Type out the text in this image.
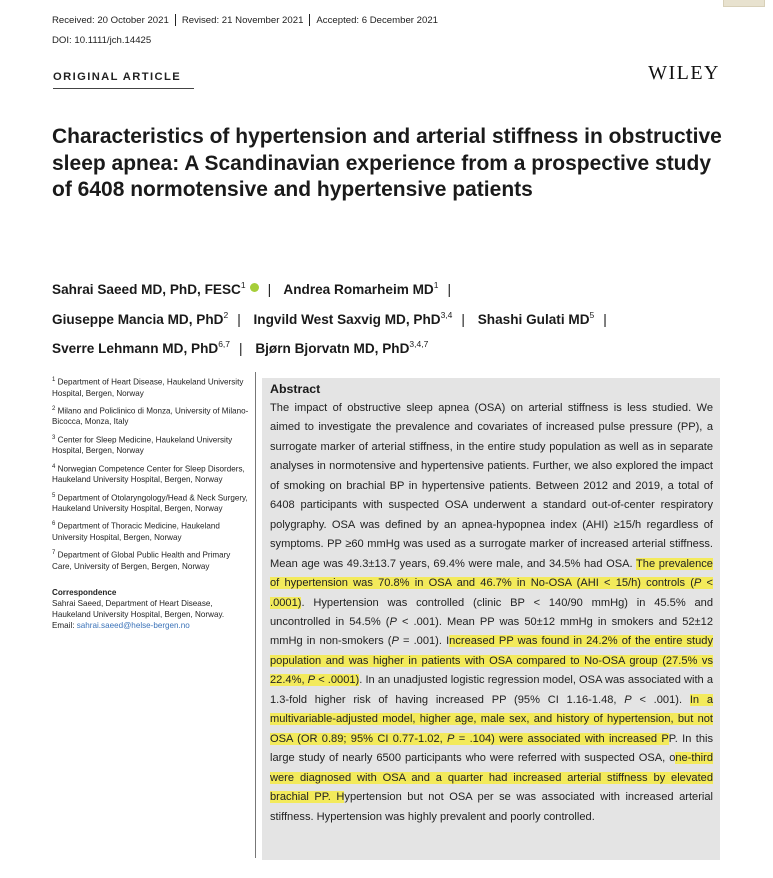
Received: 20 October 2021 Revised: 21 November 2021 Accepted: 6 December 2021
DOI: 10.1111/jch.14425
ORIGINAL ARTICLE	WILEY
Characteristics of hypertension and arterial stiffness in obstructive sleep apnea: A Scandinavian experience from a prospective study of 6408 normotensive and hypertensive patients
Sahrai Saeed MD, PhD, FESC$^1$ | Andrea Romarheim $MD^1$ |
Giuseppe Mancia MD, PhD$^2$ | Ingvild West Saxvig MD, PhD$^{3,4}$ | Shashi Gulati $MD^5$ |
Sverre Lehmann MD, PhD$^{6,7}$ | Bjørn Bjorvatn MD, PhD$^{3,4,7}$
$^1$ Department of Heart Disease, Haukeland University Hospital, Bergen, Norway
$^2$ Milano and Policlinico di Monza, University of Milano-Bicocca, Monza, Italy
$^3$ Center for Sleep Medicine, Haukeland University Hospital, Bergen, Norway
$^4$ Norwegian Competence Center for Sleep Disorders, Haukeland University Hospital, Bergen, Norway
$^5$ Department of Otolaryngology/Head & Neck Surgery, Haukeland University Hospital, Bergen, Norway
$^6$ Department of Thoracic Medicine, Haukeland University Hospital, Bergen, Norway
$^7$ Department of Global Public Health and Primary Care, University of Bergen, Bergen, Norway
Correspondence
Sahrai Saeed, Department of Heart Disease, Haukeland University Hospital, Bergen, Norway.
Email: sahrai.saeed@helse-bergen.no
Abstract
The impact of obstructive sleep apnea (OSA) on arterial stiffness is less studied. We aimed to investigate the prevalence and covariates of increased pulse pressure (PP), a surrogate marker of arterial stiffness, in the entire study population as well as in separate analyses in normotensive and hypertensive patients. Further, we also explored the impact of smoking on brachial BP in hypertensive patients. Between 2012 and 2019, a total of 6408 participants with suspected OSA underwent a standard out-of-center respiratory polygraphy. OSA was defined by an apnea-hypopnea index (AHI) ≥15/h regardless of symptoms. PP ≥60 mmHg was used as a surrogate marker of increased arterial stiffness. Mean age was 49.3±13.7 years, 69.4% were male, and 34.5% had OSA. The prevalence of hypertension was 70.8% in OSA and 46.7% in No-OSA (AHI < 15/h) controls (P < .0001). Hypertension was controlled (clinic BP < 140/90 mmHg) in 45.5% and uncontrolled in 54.5% (P < .001). Mean PP was 50±12 mmHg in smokers and 52±12 mmHg in non-smokers (P = .001). Increased PP was found in 24.2% of the entire study population and was higher in patients with OSA compared to No-OSA group (27.5% vs 22.4%, P < .0001). In an unadjusted logistic regression model, OSA was associated with a 1.3-fold higher risk of having increased PP (95% CI 1.16-1.48, P < .001). In a multivariable-adjusted model, higher age, male sex, and history of hypertension, but not OSA (OR 0.89; 95% CI 0.77-1.02, P = .104) were associated with increased PP. In this large study of nearly 6500 participants who were referred with suspected OSA, one-third were diagnosed with OSA and a quarter had increased arterial stiffness by elevated brachial PP. Hypertension but not OSA per se was associated with increased arterial stiffness. Hypertension was highly prevalent and poorly controlled.
